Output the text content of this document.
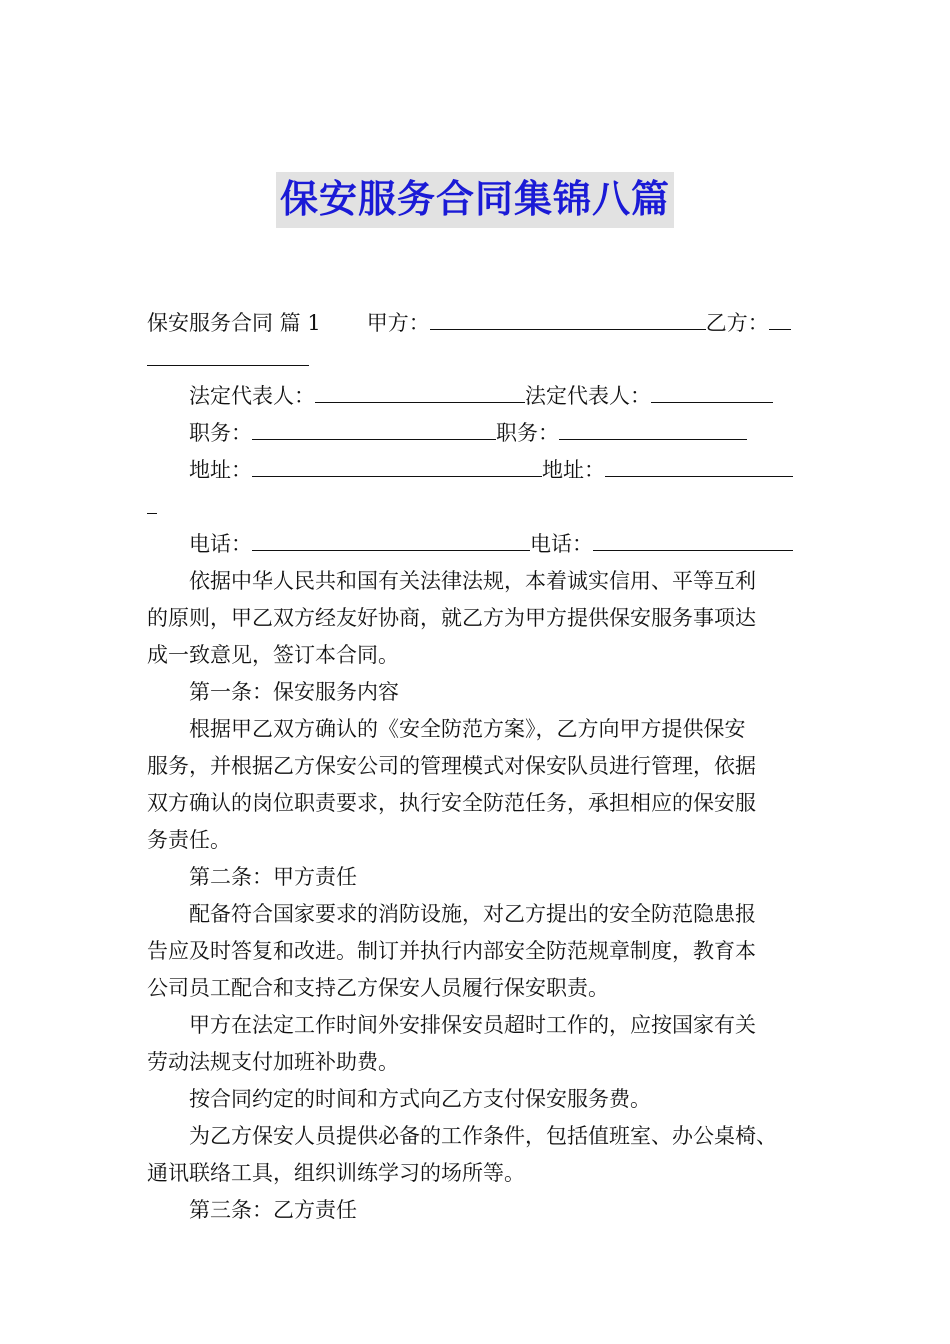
保安服务合同集锦八篇
保安服务合同 篇 1 甲方：	乙方：
法定代表人：	法定代表人：
职务：	职务：
地址：	地址：
电话：	电话：
依据中华人民共和国有关法律法规，本着诚实信用、平等互利
的原则，甲乙双方经友好协商，就乙方为甲方提供保安服务事项达
成一致意见，签订本合同。
第一条：保安服务内容
根据甲乙双方确认的《安全防范方案》，乙方向甲方提供保安
服务，并根据乙方保安公司的管理模式对保安队员进行管理，依据
双方确认的岗位职责要求，执行安全防范任务，承担相应的保安服
务责任。
第二条：甲方责任
配备符合国家要求的消防设施，对乙方提出的安全防范隐患报
告应及时答复和改进。制订并执行内部安全防范规章制度，教育本
公司员工配合和支持乙方保安人员履行保安职责。
甲方在法定工作时间外安排保安员超时工作的，应按国家有关
劳动法规支付加班补助费。
按合同约定的时间和方式向乙方支付保安服务费。
为乙方保安人员提供必备的工作条件，包括值班室、办公桌椅、
通讯联络工具，组织训练学习的场所等。
第三条：乙方责任
